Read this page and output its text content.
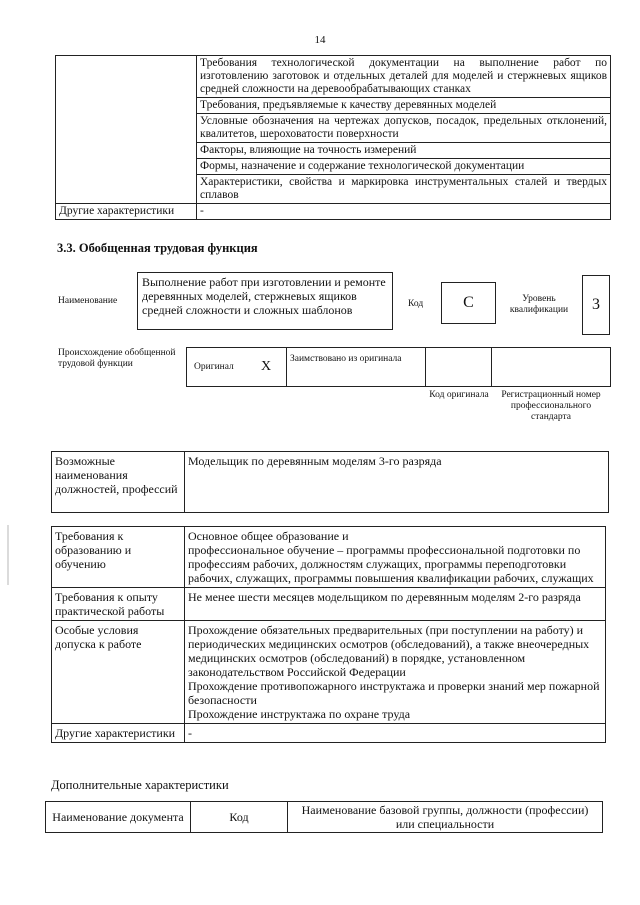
14
	Требования технологической документации на выполнение работ по изготовлению заготовок и отдельных деталей для моделей и стержневых ящиков средней сложности на деревообрабатывающих станках
	Требования, предъявляемые к качеству деревянных моделей
	Условные обозначения на чертежах допусков, посадок, предельных отклонений, квалитетов, шероховатости поверхности
	Факторы, влияющие на точность измерений
	Формы, назначение и содержание технологической документации
	Характеристики, свойства и маркировка инструментальных сталей и твердых сплавов
Другие характеристики	-
3.3. Обобщенная трудовая функция
Наименование
Выполнение работ при изготовлении и ремонте деревянных моделей, стержневых ящиков средней сложности и сложных шаблонов	Код	C	Уровень квалификации	3
Происхождение обобщенной трудовой функции	Оригинал X	Заимствовано из оригинала
Код оригинала	Регистрационный номер профессионального стандарта
Возможные наименования должностей, профессий	Модельщик по деревянным моделям 3-го разряда
Требования к образованию и обучению	Основное общее образование и
профессиональное обучение – программы профессиональной подготовки по профессиям рабочих, должностям служащих, программы переподготовки рабочих, служащих, программы повышения квалификации рабочих, служащих

Требования к опыту практической работы	Не менее шести месяцев модельщиком по деревянным моделям 2-го разряда

Особые условия допуска к работе	Прохождение обязательных предварительных (при поступлении на работу) и периодических медицинских осмотров (обследований), а также внеочередных медицинских осмотров (обследований) в порядке, установленном законодательством Российской Федерации
Прохождение противопожарного инструктажа и проверки знаний мер пожарной безопасности
Прохождение инструктажа по охране труда

Другие характеристики	-
Дополнительные характеристики
Наименование документа	Код	Наименование базовой группы, должности (профессии) или специальности
